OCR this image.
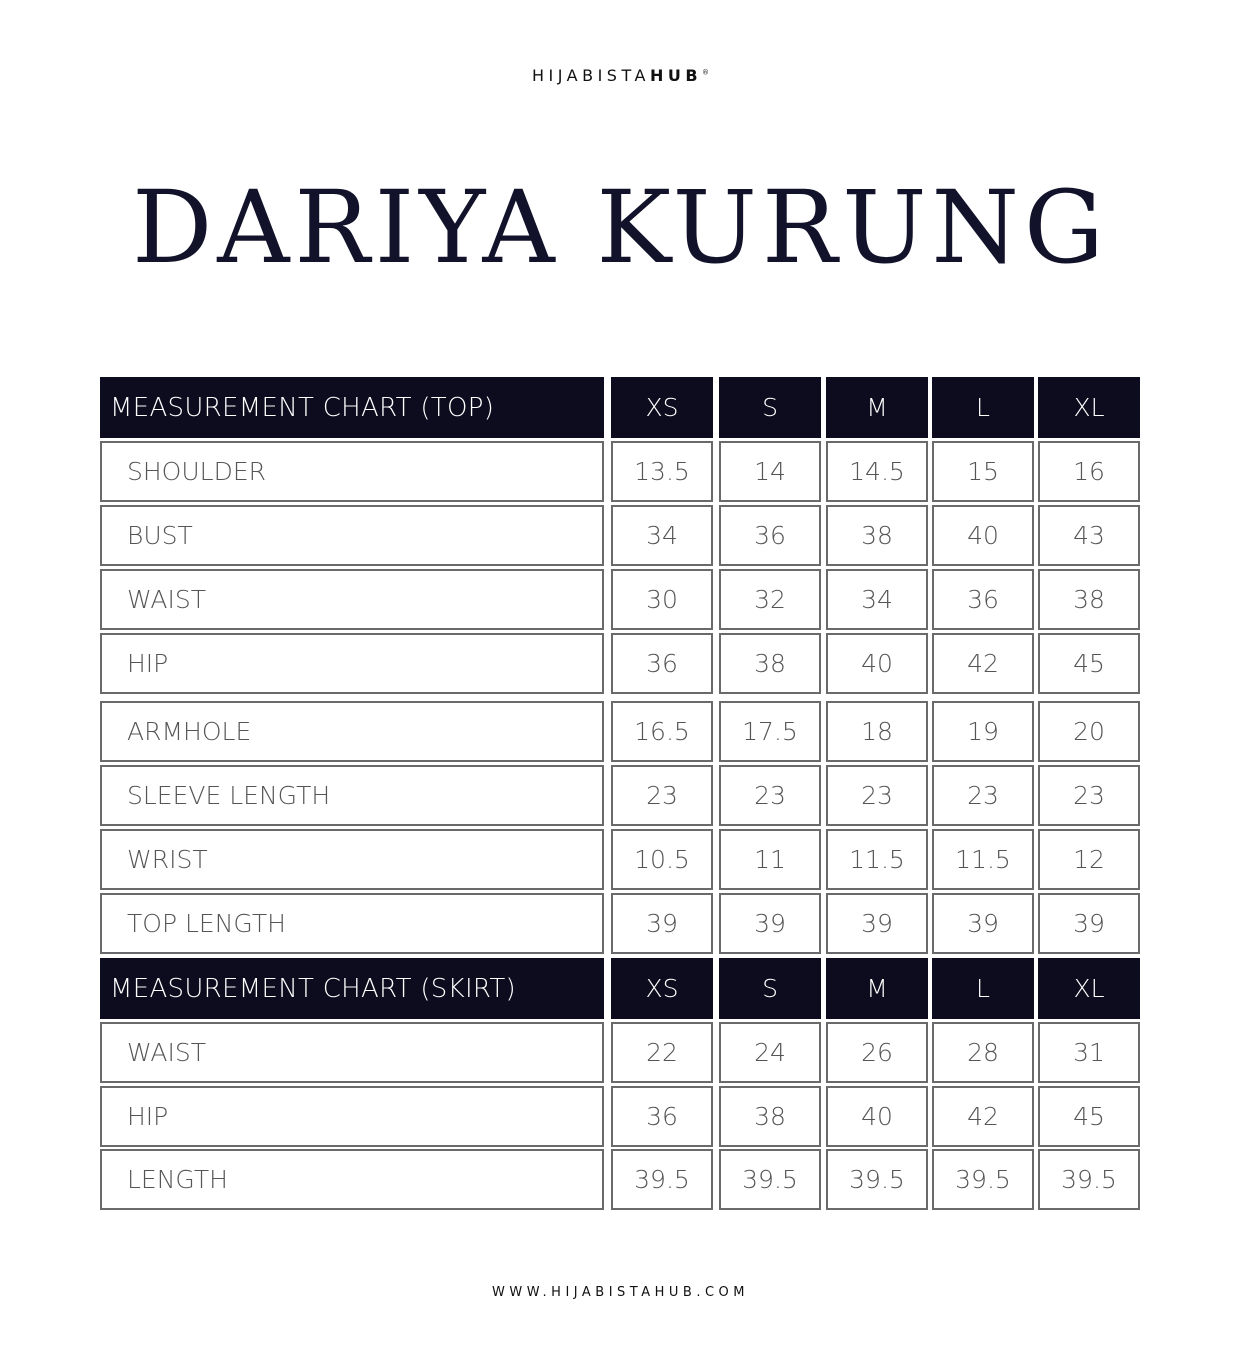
HIJABISTAHUB®
DARIYA KURUNG
MEASUREMENT CHART (TOP)	XS	S	M	L	XL
SHOULDER	13.5	14	14.5	15	16
BUST	34	36	38	40	43
WAIST	30	32	34	36	38
HIP	36	38	40	42	45
ARMHOLE	16.5	17.5	18	19	20
SLEEVE LENGTH	23	23	23	23	23
WRIST	10.5	11	11.5	11.5	12
TOP LENGTH	39	39	39	39	39
MEASUREMENT CHART (SKIRT)	XS	S	M	L	XL
WAIST	22	24	26	28	31
HIP	36	38	40	42	45
LENGTH	39.5	39.5	39.5	39.5	39.5
WWW.HIJABISTAHUB.COM
